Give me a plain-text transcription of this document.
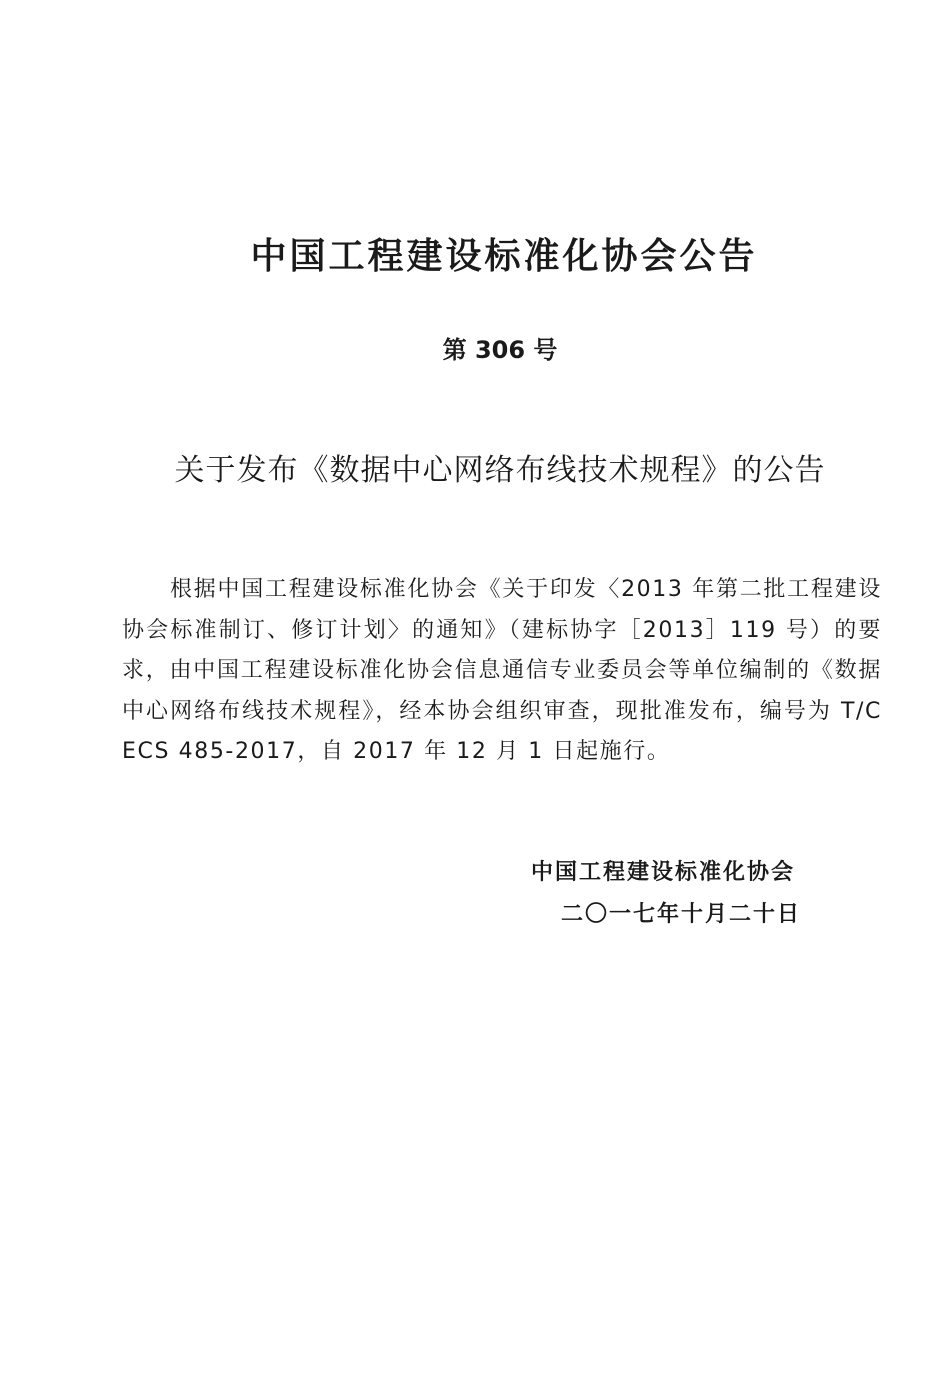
中国工程建设标准化协会公告
第 306 号
关于发布《数据中心网络布线技术规程》的公告
根据中国工程建设标准化协会《关于印发〈2013 年第二批工程建设协会标准制订、修订计划〉的通知》（建标协字［2013］119 号）的要求，由中国工程建设标准化协会信息通信专业委员会等单位编制的《数据中心网络布线技术规程》，经本协会组织审查，现批准发布，编号为 T/CECS 485-2017，自 2017 年 12 月 1 日起施行。
中国工程建设标准化协会
二〇一七年十月二十日
